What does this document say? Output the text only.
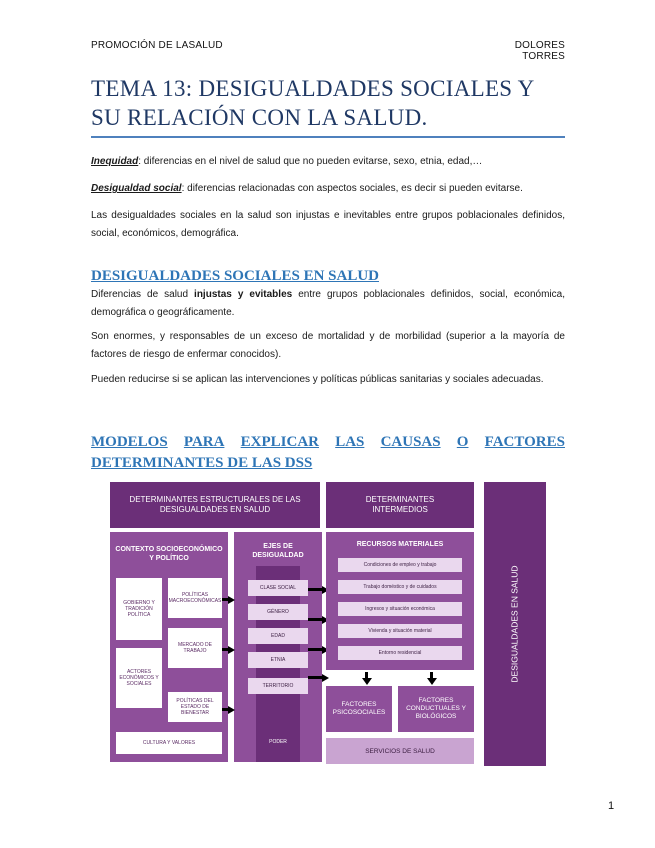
PROMOCIÓN DE LASALUD	DOLORES TORRES
TEMA 13: DESIGUALDADES SOCIALES Y SU RELACIÓN CON LA SALUD.
Inequidad: diferencias en el nivel de salud que no pueden evitarse, sexo, etnia, edad,…
Desigualdad social: diferencias relacionadas con aspectos sociales, es decir si pueden evitarse.
Las desigualdades sociales en la salud son injustas e inevitables entre grupos poblacionales definidos, social, económicos, demográfica.
DESIGUALDADES SOCIALES EN SALUD
Diferencias de salud injustas y evitables entre grupos poblacionales definidos, social, económica, demográfica o geográficamente.
Son enormes, y responsables de un exceso de mortalidad y de morbilidad (superior a la mayoría de factores de riesgo de enfermar conocidos).
Pueden reducirse si se aplican las intervenciones y políticas públicas sanitarias y sociales adecuadas.
MODELOS PARA EXPLICAR LAS CAUSAS O FACTORES
DETERMINANTES DE LAS DSS
DETERMINANTES ESTRUCTURALES DE LAS DESIGUALDADES EN SALUD
DETERMINANTES INTERMEDIOS
DESIGUALDADES EN SALUD
CONTEXTO SOCIOECONÓMICO Y POLÍTICO
GOBIERNO Y TRADICIÓN POLÍTICA
ACTORES ECONÓMICOS Y SOCIALES
POLÍTICAS MACROECONÓMICAS
MERCADO DE TRABAJO
POLÍTICAS DEL ESTADO DE BIENESTAR
CULTURA Y VALORES
EJES DE DESIGUALDAD
CLASE SOCIAL
GÉNERO
EDAD
ETNIA
TERRITORIO
PODER
RECURSOS MATERIALES
Condiciones de empleo y trabajo
Trabajo doméstico y de cuidados
Ingresos y situación económica
Vivienda y situación material
Entorno residencial
FACTORES PSICOSOCIALES
FACTORES CONDUCTUALES Y BIOLÓGICOS
SERVICIOS DE SALUD
1
